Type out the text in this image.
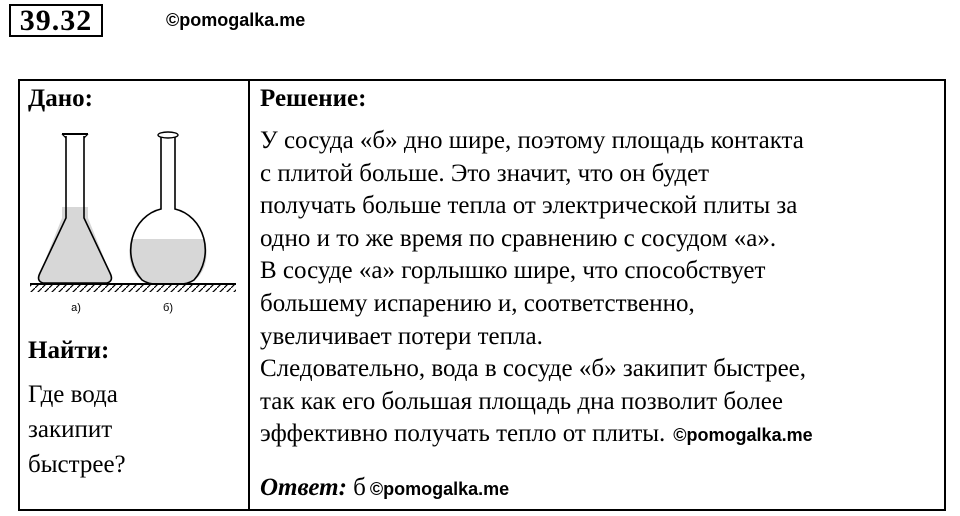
39.32	©pomogalka.me
Дано:
а)	б)
Найти:
Где вода
закипит
быстрее?

Решение:
У сосуда «б» дно шире, поэтому площадь контакта
с плитой больше. Это значит, что он будет
получать больше тепла от электрической плиты за
одно и то же время по сравнению с сосудом «а».
В сосуде «а» горлышко шире, что способствует
большему испарению и, соответственно,
увеличивает потери тепла.
Следовательно, вода в сосуде «б» закипит быстрее,
так как его большая площадь дна позволит более
эффективно получать тепло от плиты. ©pomogalka.me
Ответ: б ©pomogalka.me
